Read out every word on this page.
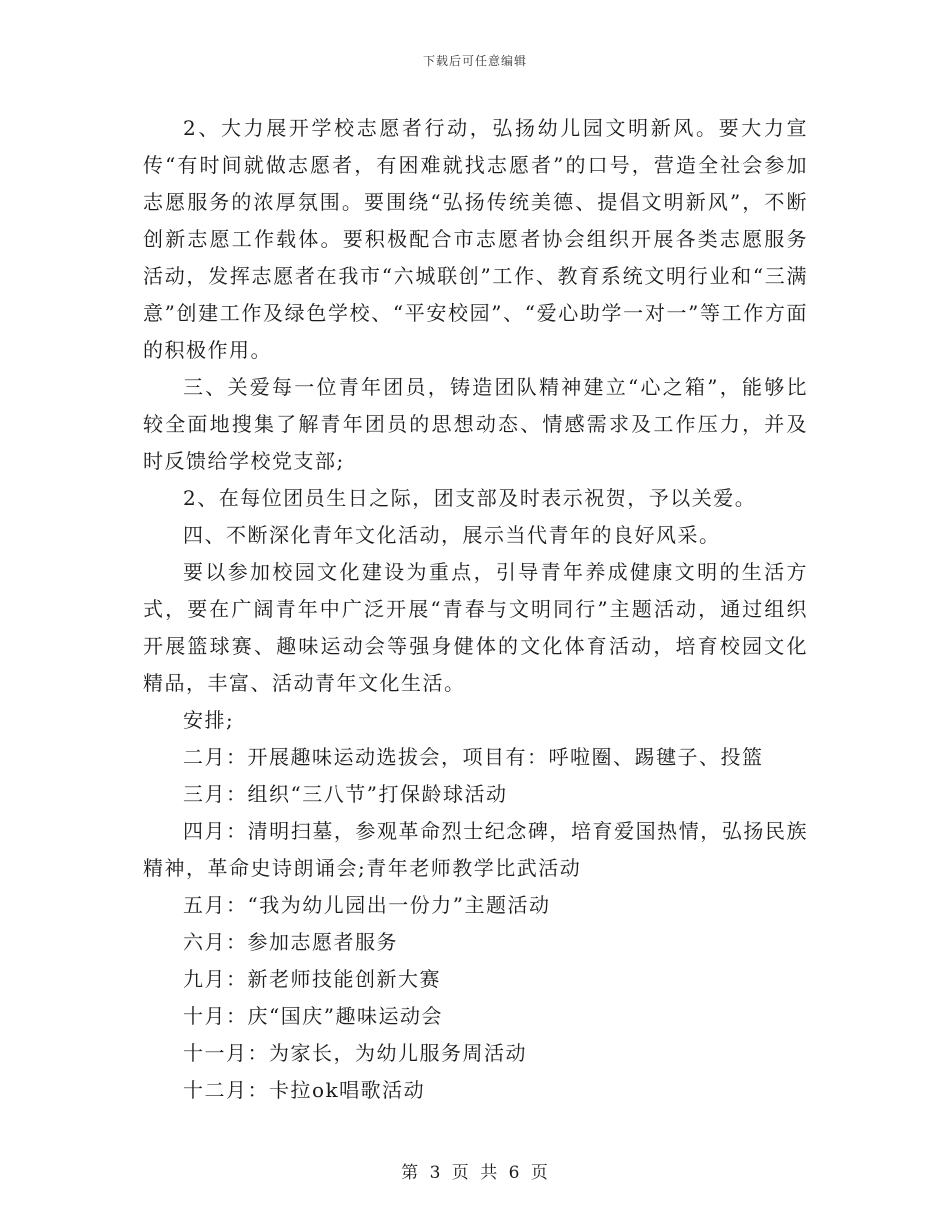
下载后可任意编辑

2、大力展开学校志愿者行动，弘扬幼儿园文明新风。要大力宣传“有时间就做志愿者，有困难就找志愿者”的口号，营造全社会参加志愿服务的浓厚氛围。要围绕“弘扬传统美德、提倡文明新风”，不断创新志愿工作载体。要积极配合市志愿者协会组织开展各类志愿服务活动，发挥志愿者在我市“六城联创”工作、教育系统文明行业和“三满意”创建工作及绿色学校、“平安校园”、“爱心助学一对一”等工作方面的积极作用。

三、关爱每一位青年团员，铸造团队精神建立“心之箱”，能够比较全面地搜集了解青年团员的思想动态、情感需求及工作压力，并及时反馈给学校党支部;

2、在每位团员生日之际，团支部及时表示祝贺，予以关爱。

四、不断深化青年文化活动，展示当代青年的良好风采。

要以参加校园文化建设为重点，引导青年养成健康文明的生活方式，要在广阔青年中广泛开展“青春与文明同行”主题活动，通过组织开展篮球赛、趣味运动会等强身健体的文化体育活动，培育校园文化精品，丰富、活动青年文化生活。

安排;

二月：开展趣味运动选拔会，项目有：呼啦圈、踢毽子、投篮

三月：组织“三八节”打保龄球活动

四月：清明扫墓，参观革命烈士纪念碑，培育爱国热情，弘扬民族精神，革命史诗朗诵会;青年老师教学比武活动

五月：“我为幼儿园出一份力”主题活动

六月：参加志愿者服务

九月：新老师技能创新大赛

十月：庆“国庆”趣味运动会

十一月：为家长，为幼儿服务周活动

十二月：卡拉ok唱歌活动

第 3 页 共 6 页
